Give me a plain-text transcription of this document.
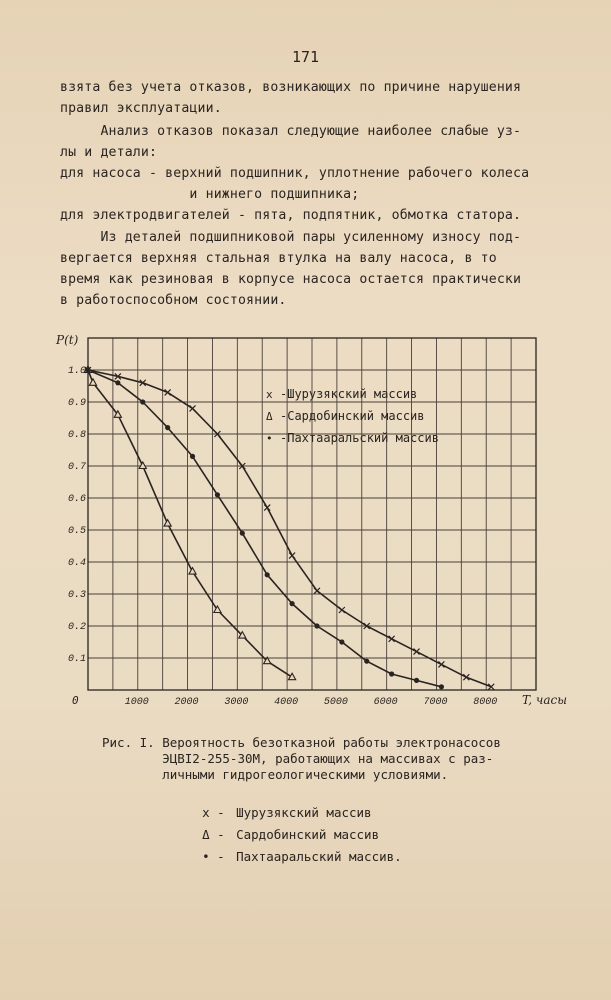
171
взята без учета отказов, возникающих по причине нарушения
правил эксплуатации.
Анализ отказов показал следующие наиболее слабые уз-
лы и детали:
для насоса - верхний подшипник, уплотнение рабочего колеса
и нижнего подшипника;
для электродвигателей - пята, подпятник, обмотка статора.
Из деталей подшипниковой пары усиленному износу под-
вергается верхняя стальная втулка на валу насоса, в то
время как резиновая в корпусе насоса остается практически
в работоспособном состоянии.
1.0
0.9
0.8
0.7
0.6
0.5
0.4
0.3
0.2
0.1
1000	2000	3000	4000	5000	6000	7000	8000
0
P(t)
T, часы
x -Шурузякский массив
Δ -Сардобинский массив
• -Пахтааральский массив
Рис. I. Вероятность безотказной работы электронасосов
ЭЦВI2-255-30М, работающих на массивах с раз-
личными гидрогеологическими условиями.

x - Шурузякский массив

Δ - Сардобинский массив

• - Пахтааральский массив.
